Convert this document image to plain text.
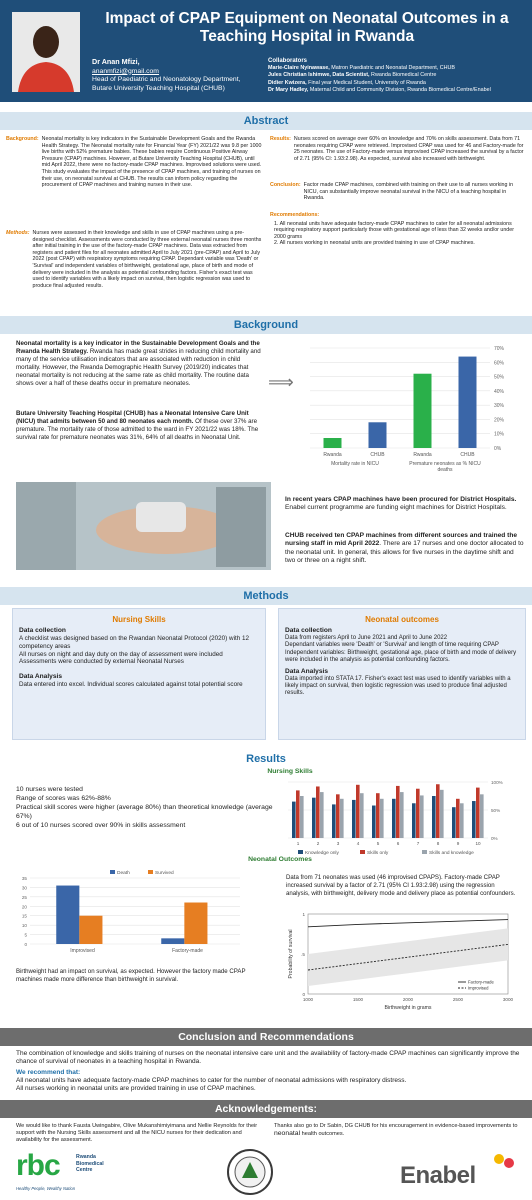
Impact of CPAP Equipment on Neonatal Outcomes in a Teaching Hospital in Rwanda
Dr Anan Mfizi,
ananmfizi@gmail.com
Head of Paediatric and Neonatology Department, Butare University Teaching Hospital (CHUB)
Collaborators
Marie-Claire Nyinawase, Matron Paediatric and Neonatal Department, CHUB
Jules Christian Ishimwe, Data Scientist, Rwanda Biomedical Centre
Didier Kwizera, Final year Medical Student, University of Rwanda
Dr Mary Hadley, Maternal Child and Community Division, Rwanda Biomedical Centre/Enabel
Abstract
Background: Neonatal mortality is key indicators in the Sustainable Development Goals and the Rwanda Health Strategy. The Neonatal mortality rate for Financial Year (FY) 2021/22 was 9.8 per 1000 live births with 52% premature babies. These babies require Continuous Positive Airway Pressure (CPAP) machines. However, at Butare University Teaching Hospital (CHUB), until mid April 2022, there were no factory-made CPAP machines. Improvised solutions were used. This study evaluates the impact of the presence of CPAP machines, and training of nurses on their use, on neonatal survival at CHUB. The results can inform policy regarding the procurement of CPAP machines and training nurses in their use.
Methods: Nurses were assessed in their knowledge and skills in use of CPAP machines using a pre-designed checklist. Assessments were conducted by three external neonatal nurses three months after initial training in the use of the factory-made CPAP machines. Data was extracted from registers and patient files for all neonates admitted April to July 2021 (pre-CPAP) and April to July 2022 (post CPAP) with respiratory symptoms requiring CPAP. Dependant variable was 'Death' or 'Survival' and independent variables of birthweight, gestational age, place of birth and mode of delivery were included in the analysis as potential confounding factors. Fisher's exact test was used to identify variables with a likely impact on survival, then logistic regression was used to produce final adjusted results.
Results: Nurses scored on average over 60% on knowledge and 70% on skills assessment. Data from 71 neonates requiring CPAP were retrieved. Improvised CPAP was used for 46 and Factory-made for 25 neonates. The use of Factory-made versus improvised CPAP increased the survival by a factor of 2.71 (95% CI: 1.93:2.98). As expected, survival also increased with birthweight.
Conclusion: Factor made CPAP machines, combined with training on their use to all nurses working in NICU, can substantially improve neonatal survival in the NICU of a teaching hospital in Rwanda.
Recommendations:
1. All neonatal units have adequate factory-made CPAP machines to cater for all neonatal admissions requiring respiratory support particularly those with gestational age of less than 32 weeks and/or under 2000 grams
2. All nurses working in neonatal units are provided training in use of CPAP machines.
Background
Neonatal mortality is a key indicator in the Sustainable Development Goals and the Rwanda Health Strategy. Rwanda has made great strides in reducing child mortality and many of the service utilisation indicators that are associated with reduction in child mortality. However, the Rwanda Demographic Health Survey (2019/20) indicates that neonatal mortality is not reducing at the same rate as child mortality. The routine data shows over a half of these deaths occur in premature neonates.
Butare University Teaching Hospital (CHUB) has a Neonatal Intensive Care Unit (NICU) that admits between 50 and 80 neonates each month. Of these over 37% are premature. The mortality rate of those admitted to the ward in FY 2021/22 was 18%. The survival rate for premature neonates was 31%, 64% of all deaths in Neonatal Unit.
⟹
0%
10%
20%
30%
40%
50%
60%
70%
Rwanda	CHUB	Rwanda	CHUB
Mortality rate in NICU	Premature neonates as % NICU deaths
In recent years CPAP machines have been procured for District Hospitals. Enabel current programme are funding eight machines for District Hospitals.
CHUB received ten CPAP machines from different sources and trained the nursing staff in mid April 2022. There are 17 nurses and one doctor allocated to the neonatal unit. In general, this allows for five nurses in the daytime shift and two or three on a night shift.
Methods
Nursing Skills
Data collection
A checklist was designed based on the Rwandan Neonatal Protocol (2020) with 12 competency areas
All nurses on night and day duty on the day of assessment were included
Assessments were conducted by external Neonatal Nurses
Data Analysis
Data entered into excel. Individual scores calculated against total potential score
Neonatal outcomes
Data collection
Data from registers April to June 2021 and April to June 2022
Dependant variables were 'Death' or 'Survival' and length of time requiring CPAP
Independent variables: Birthweight, gestational age, place of birth and mode of delivery were included in the analysis as potential confounding factors.
Data Analysis
Data imported into STATA 17. Fisher's exact test was used to identify variables with a likely impact on survival, then logistic regression was used to produce final adjusted results.
Results
Nursing Skills
10 nurses were tested
Range of scores was 62%-88%
Practical skill scores were higher (average 80%) than theoretical knowledge (average 67%)
6 out of 10 nurses scored over 90% in skills assessment
0%
50%
100%
1	2	3	4	5	6	7	8	9	10
Knowledge only	Skills only	Skills and knowledge
Neonatal Outcomes
0
5
10
15
20
25
30
35
Improvised	Factory-made
Death	Survived
Data from 71 neonates was used (46 improvised CPAPS). Factory-made CPAP increased survival by a factor of 2.71 (95% CI 1.93:2.98) using the regression analysis, with birthweight, delivery mode and delivery place as potential confounders.
0
.5
1
1000	1500	2000	2500	3000
Factory-made
Improvised
Birthweight in grams
Probability of survival
Birthweight had an impact on survival, as expected. However the factory made CPAP machines made more difference than birthweight in survival.
Conclusion and Recommendations
The combination of knowledge and skills training of nurses on the neonatal intensive care unit and the availability of factory-made CPAP machines can significantly improve the chance of survival of neonates in a teaching hospital in Rwanda.
We recommend that:
All neonatal units have adequate factory-made CPAP machines to cater for the number of neonatal admissions with respiratory distress.
All nurses working in neonatal units are provided training in use of CPAP machines.
Acknowledgements:
We would like to thank Fausta Uwingabire, Olive Mukanshimiyimana and Nellie Reynolds for their support with the Nursing Skills assessment and all the NICU nurses for their dedication and availability for the assessment.
Thanks also go to Dr Sabin, DG CHUB for his encouragement in evidence-based improvements to neonatal health outcomes.
rbc	Rwanda
Biomedical
Centre
Healthy People, Wealthy Nation	Enabel
